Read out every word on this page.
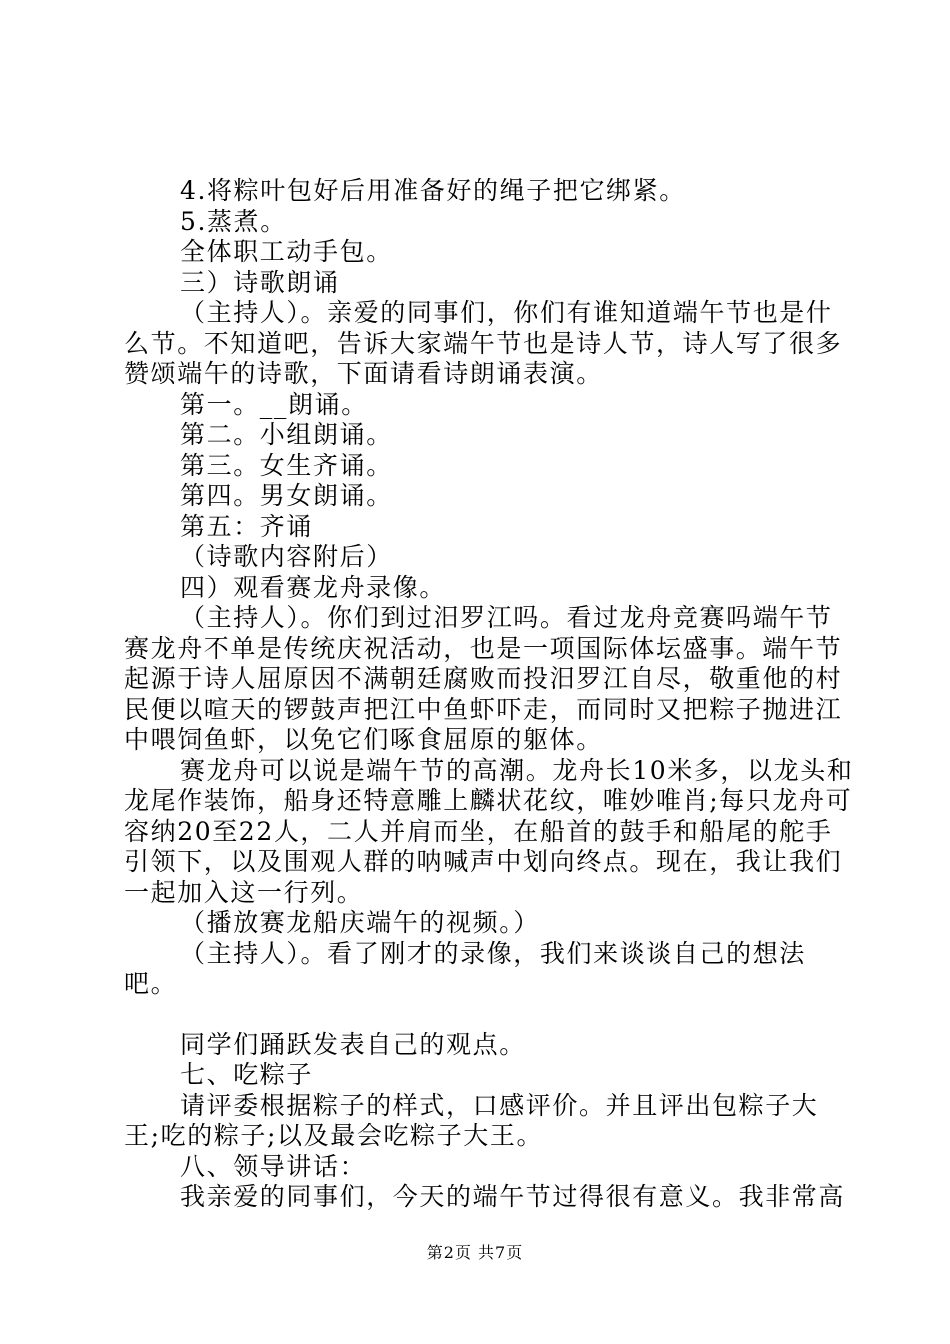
4.将粽叶包好后用准备好的绳子把它绑紧。

5.蒸煮。

全体职工动手包。

三）诗歌朗诵

（主持人）。亲爱的同事们，你们有谁知道端午节也是什么节。不知道吧，告诉大家端午节也是诗人节，诗人写了很多赞颂端午的诗歌，下面请看诗朗诵表演。

第一。__朗诵。

第二。小组朗诵。

第三。女生齐诵。

第四。男女朗诵。

第五：齐诵

（诗歌内容附后）

四）观看赛龙舟录像。

（主持人）。你们到过汨罗江吗。看过龙舟竞赛吗端午节赛龙舟不单是传统庆祝活动，也是一项国际体坛盛事。端午节起源于诗人屈原因不满朝廷腐败而投汨罗江自尽，敬重他的村民便以喧天的锣鼓声把江中鱼虾吓走，而同时又把粽子抛进江中喂饲鱼虾，以免它们啄食屈原的躯体。

赛龙舟可以说是端午节的高潮。龙舟长10米多，以龙头和龙尾作装饰，船身还特意雕上麟状花纹，唯妙唯肖;每只龙舟可容纳20至22人，二人并肩而坐，在船首的鼓手和船尾的舵手引领下，以及围观人群的呐喊声中划向终点。现在，我让我们一起加入这一行列。

（播放赛龙船庆端午的视频。）

（主持人）。看了刚才的录像，我们来谈谈自己的想法吧。

同学们踊跃发表自己的观点。

七、吃粽子

请评委根据粽子的样式，口感评价。并且评出包粽子大王;吃的粽子;以及最会吃粽子大王。

八、领导讲话：

我亲爱的同事们，今天的端午节过得很有意义。我非常高

第2页 共7页
